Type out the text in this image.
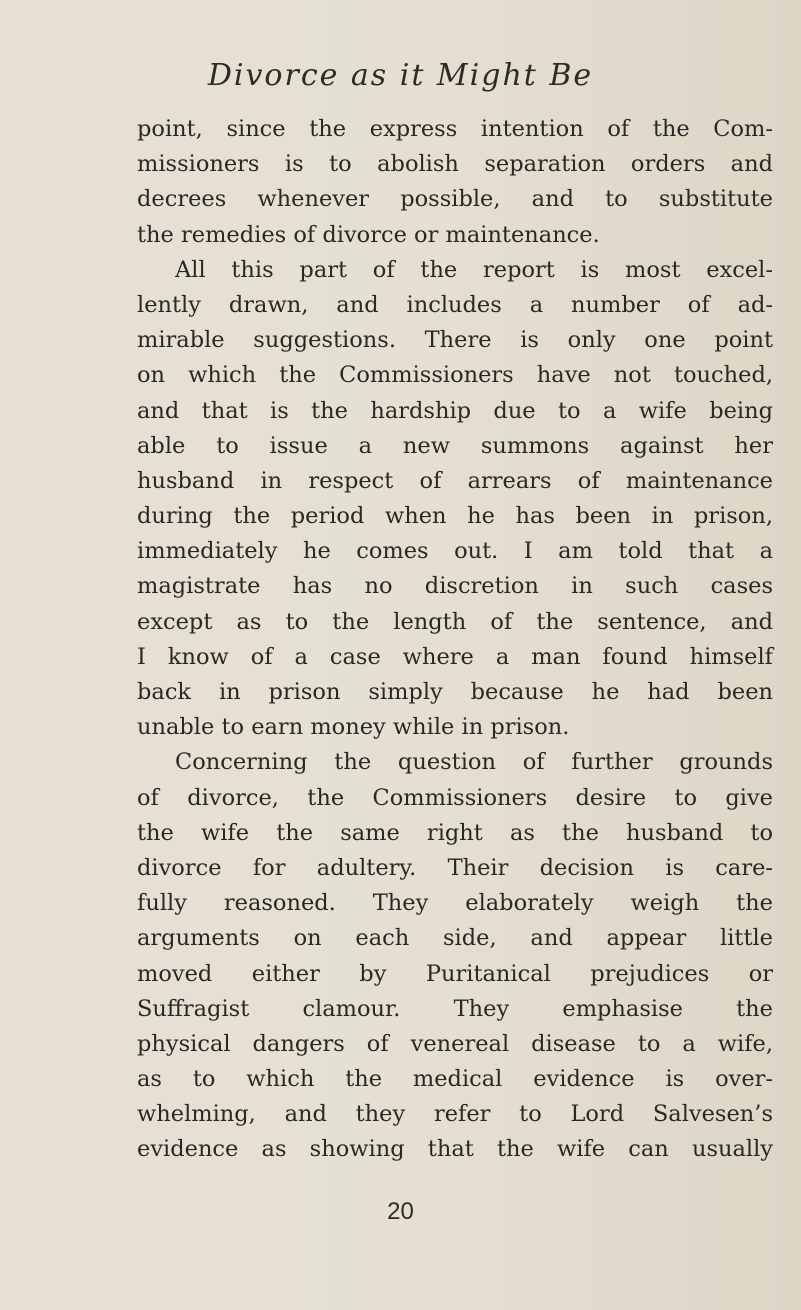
Divorce as it Might Be
point, since the express intention of the Com-
missioners is to abolish separation orders and
decrees whenever possible, and to substitute
the remedies of divorce or maintenance.
All this part of the report is most excel-
lently drawn, and includes a number of ad-
mirable suggestions. There is only one point
on which the Commissioners have not touched,
and that is the hardship due to a wife being
able to issue a new summons against her
husband in respect of arrears of maintenance
during the period when he has been in prison,
immediately he comes out. I am told that a
magistrate has no discretion in such cases
except as to the length of the sentence, and
I know of a case where a man found himself
back in prison simply because he had been
unable to earn money while in prison.
Concerning the question of further grounds
of divorce, the Commissioners desire to give
the wife the same right as the husband to
divorce for adultery. Their decision is care-
fully reasoned. They elaborately weigh the
arguments on each side, and appear little
moved either by Puritanical prejudices or
Suffragist clamour. They emphasise the
physical dangers of venereal disease to a wife,
as to which the medical evidence is over-
whelming, and they refer to Lord Salvesen’s
evidence as showing that the wife can usually
20
